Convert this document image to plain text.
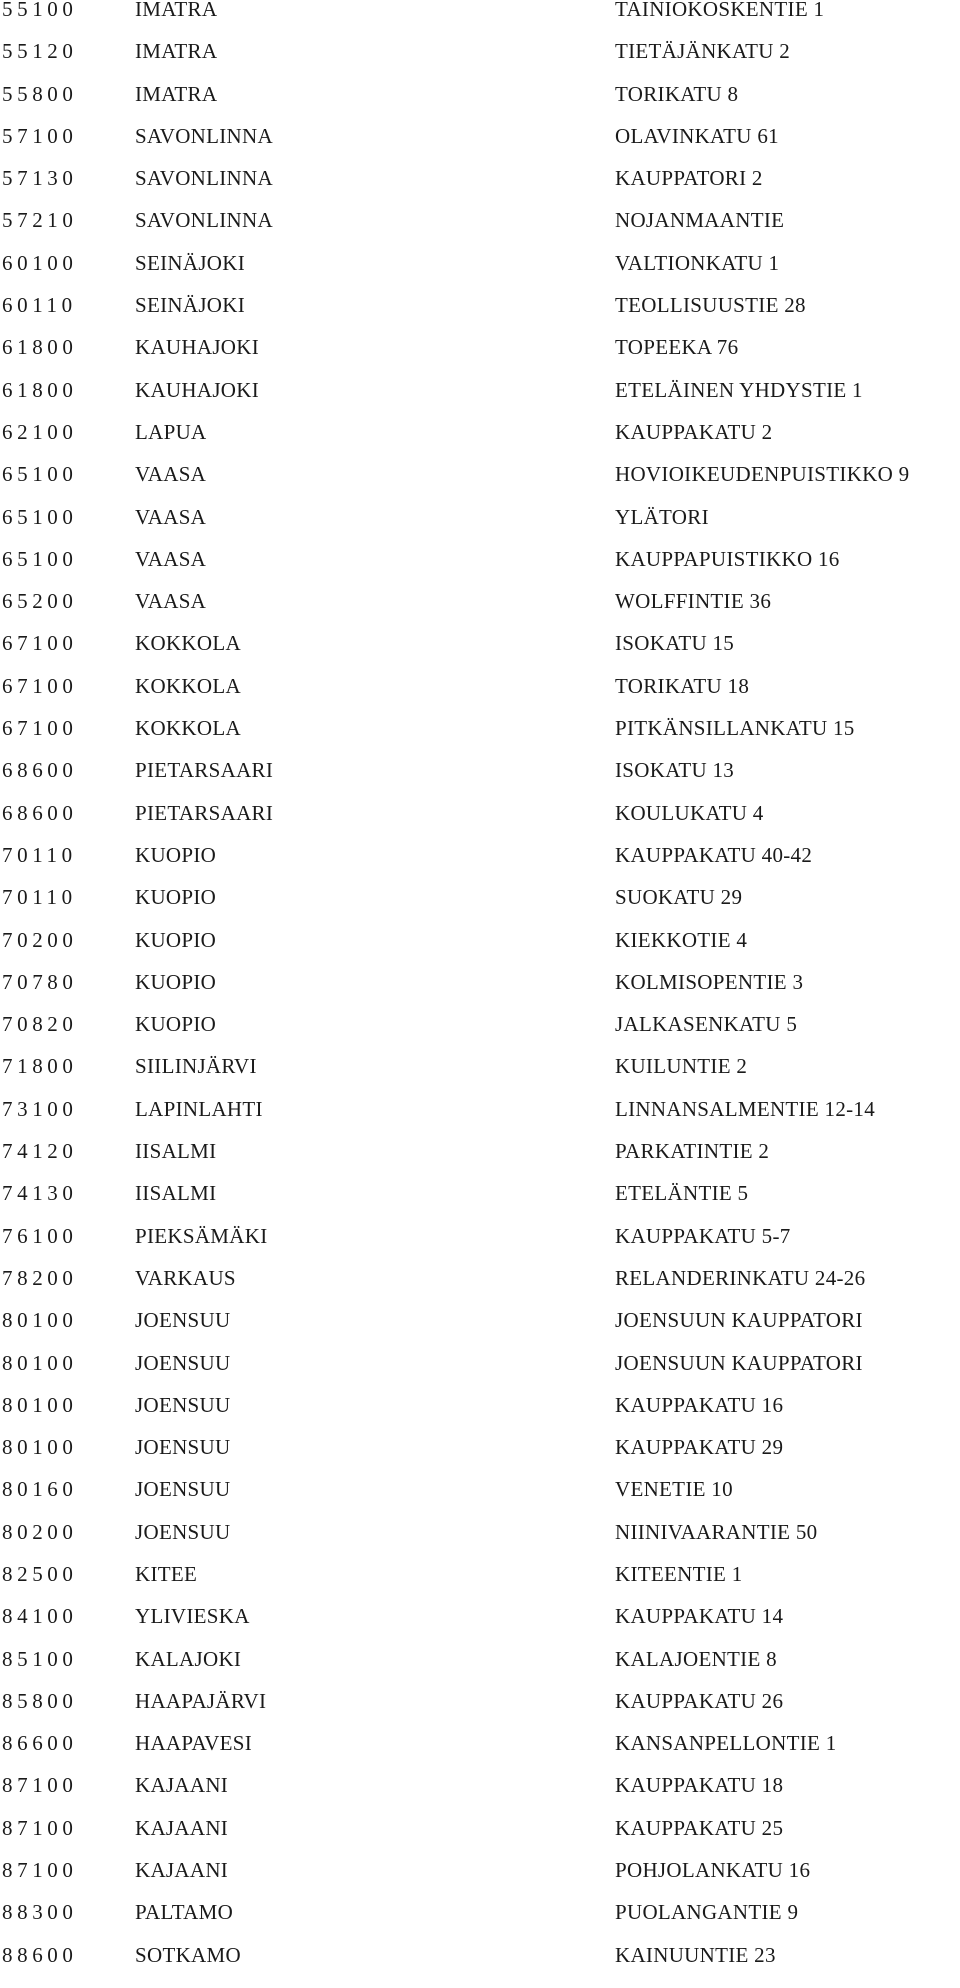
55100	IMATRA	TAINIOKOSKENTIE 1
55120	IMATRA	TIETÄJÄNKATU 2
55800	IMATRA	TORIKATU 8
57100	SAVONLINNA	OLAVINKATU 61
57130	SAVONLINNA	KAUPPATORI 2
57210	SAVONLINNA	NOJANMAANTIE
60100	SEINÄJOKI	VALTIONKATU 1
60110	SEINÄJOKI	TEOLLISUUSTIE 28
61800	KAUHAJOKI	TOPEEKA 76
61800	KAUHAJOKI	ETELÄINEN YHDYSTIE 1
62100	LAPUA	KAUPPAKATU 2
65100	VAASA	HOVIOIKEUDENPUISTIKKO 9
65100	VAASA	YLÄTORI
65100	VAASA	KAUPPAPUISTIKKO 16
65200	VAASA	WOLFFINTIE 36
67100	KOKKOLA	ISOKATU 15
67100	KOKKOLA	TORIKATU 18
67100	KOKKOLA	PITKÄNSILLANKATU 15
68600	PIETARSAARI	ISOKATU 13
68600	PIETARSAARI	KOULUKATU 4
70110	KUOPIO	KAUPPAKATU 40-42
70110	KUOPIO	SUOKATU 29
70200	KUOPIO	KIEKKOTIE 4
70780	KUOPIO	KOLMISOPENTIE 3
70820	KUOPIO	JALKASENKATU 5
71800	SIILINJÄRVI	KUILUNTIE 2
73100	LAPINLAHTI	LINNANSALMENTIE 12-14
74120	IISALMI	PARKATINTIE 2
74130	IISALMI	ETELÄNTIE 5
76100	PIEKSÄMÄKI	KAUPPAKATU 5-7
78200	VARKAUS	RELANDERINKATU 24-26
80100	JOENSUU	JOENSUUN KAUPPATORI
80100	JOENSUU	JOENSUUN KAUPPATORI
80100	JOENSUU	KAUPPAKATU 16
80100	JOENSUU	KAUPPAKATU 29
80160	JOENSUU	VENETIE 10
80200	JOENSUU	NIINIVAARANTIE 50
82500	KITEE	KITEENTIE 1
84100	YLIVIESKA	KAUPPAKATU 14
85100	KALAJOKI	KALAJOENTIE 8
85800	HAAPAJÄRVI	KAUPPAKATU 26
86600	HAAPAVESI	KANSANPELLONTIE 1
87100	KAJAANI	KAUPPAKATU 18
87100	KAJAANI	KAUPPAKATU 25
87100	KAJAANI	POHJOLANKATU 16
88300	PALTAMO	PUOLANGANTIE 9
88600	SOTKAMO	KAINUUNTIE 23
